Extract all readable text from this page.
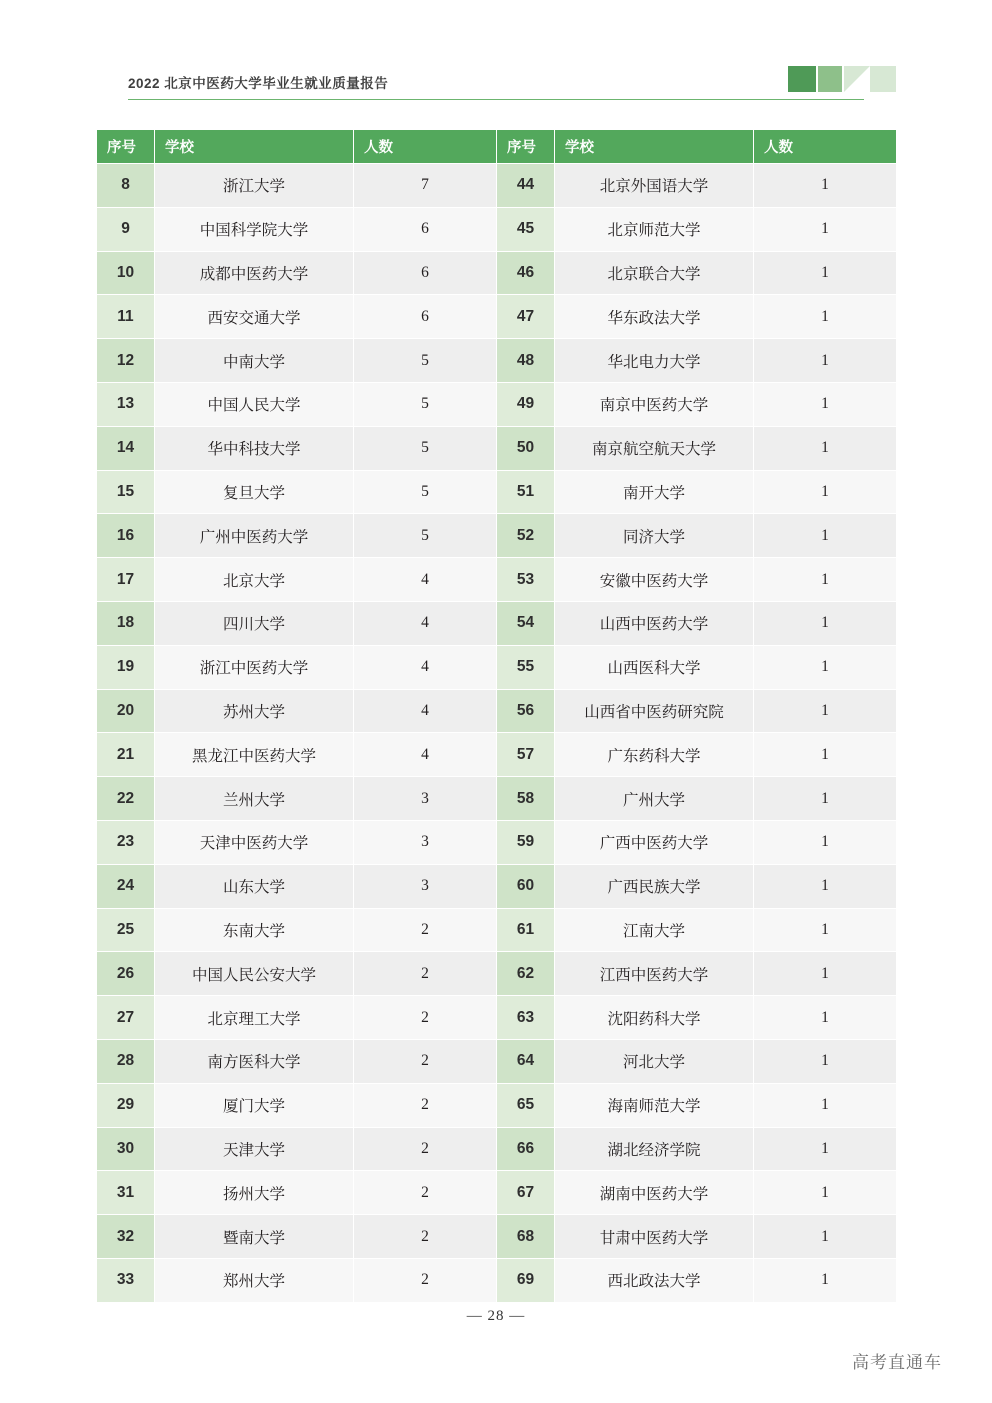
2022 北京中医药大学毕业生就业质量报告
序号	学校	人数	序号	学校	人数
8	浙江大学	7	44	北京外国语大学	1
9	中国科学院大学	6	45	北京师范大学	1
10	成都中医药大学	6	46	北京联合大学	1
11	西安交通大学	6	47	华东政法大学	1
12	中南大学	5	48	华北电力大学	1
13	中国人民大学	5	49	南京中医药大学	1
14	华中科技大学	5	50	南京航空航天大学	1
15	复旦大学	5	51	南开大学	1
16	广州中医药大学	5	52	同济大学	1
17	北京大学	4	53	安徽中医药大学	1
18	四川大学	4	54	山西中医药大学	1
19	浙江中医药大学	4	55	山西医科大学	1
20	苏州大学	4	56	山西省中医药研究院	1
21	黑龙江中医药大学	4	57	广东药科大学	1
22	兰州大学	3	58	广州大学	1
23	天津中医药大学	3	59	广西中医药大学	1
24	山东大学	3	60	广西民族大学	1
25	东南大学	2	61	江南大学	1
26	中国人民公安大学	2	62	江西中医药大学	1
27	北京理工大学	2	63	沈阳药科大学	1
28	南方医科大学	2	64	河北大学	1
29	厦门大学	2	65	海南师范大学	1
30	天津大学	2	66	湖北经济学院	1
31	扬州大学	2	67	湖南中医药大学	1
32	暨南大学	2	68	甘肃中医药大学	1
33	郑州大学	2	69	西北政法大学	1
— 28 —
高考直通车
